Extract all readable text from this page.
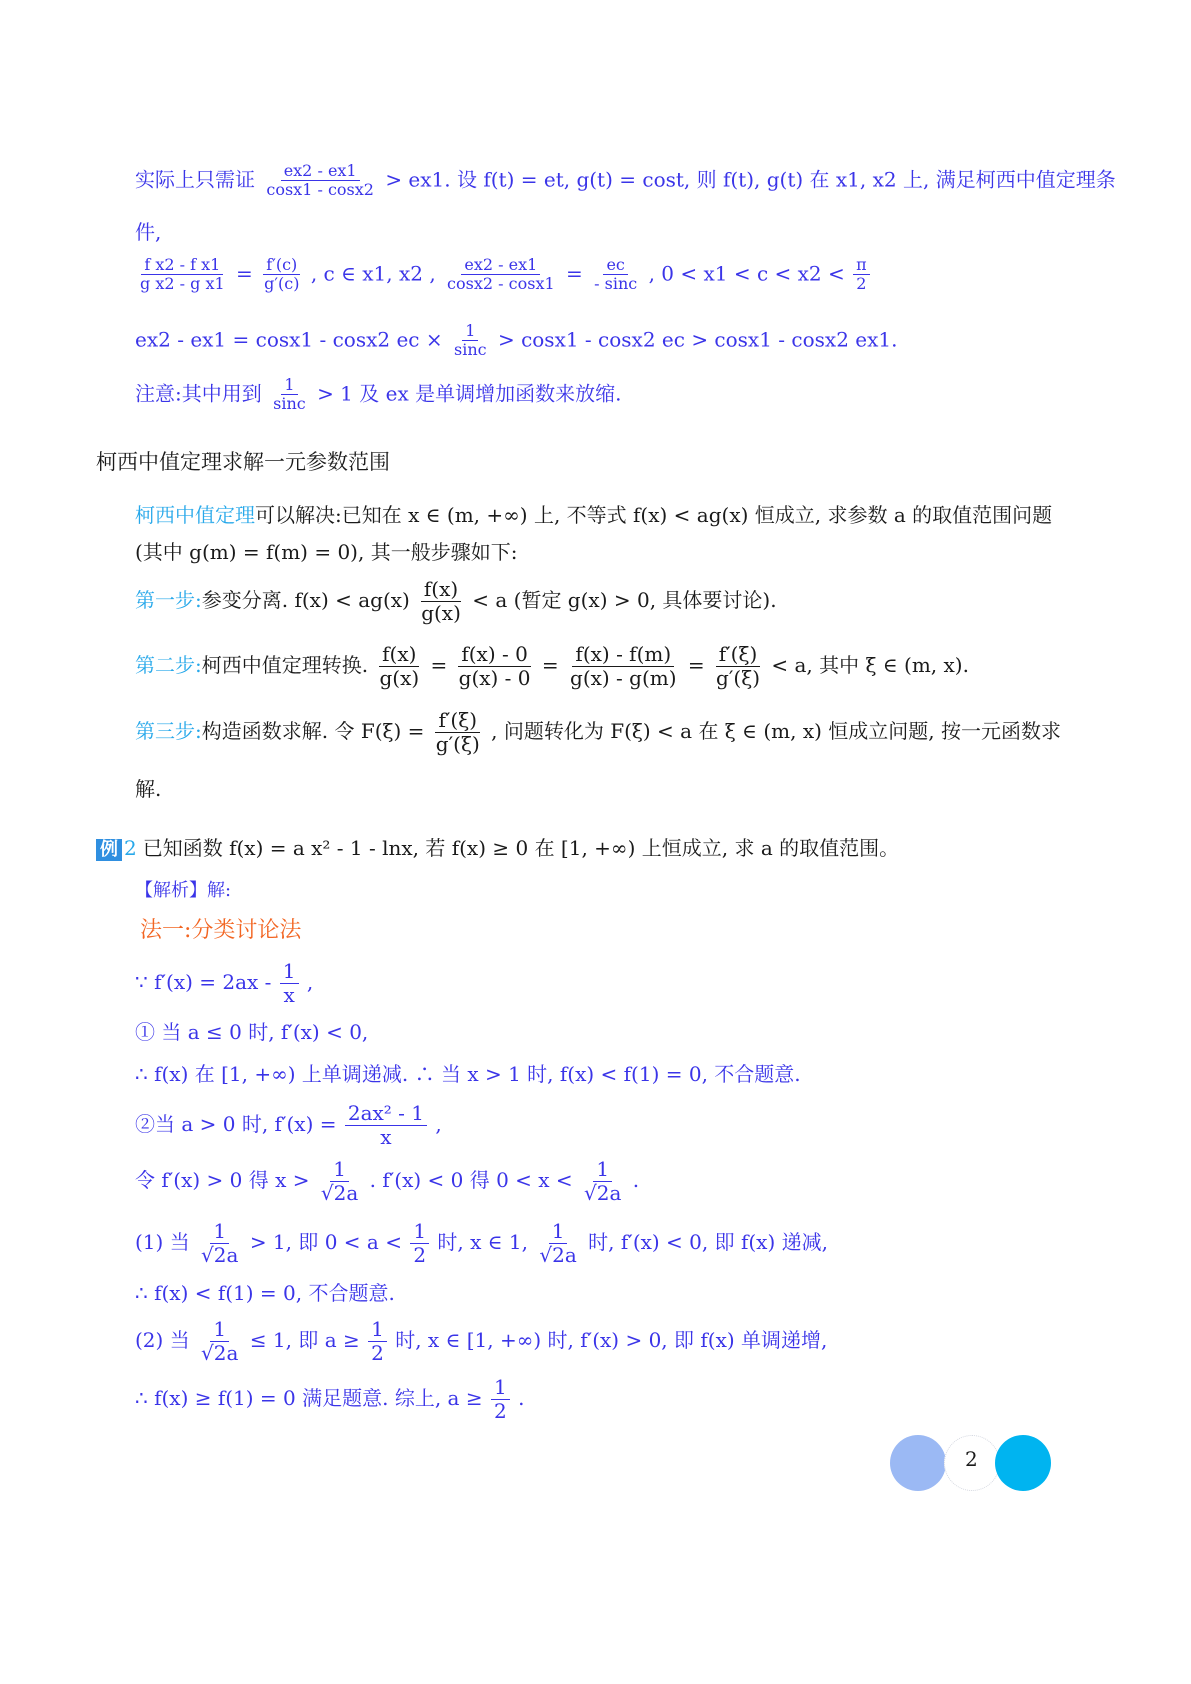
实际上只需证 $\frac{ex2 - ex1}{\cos x1 - \cos x2} > ex1$. 设 f(t) = et, g(t) = cost, 则 f(t), g(t) 在 x1, x2 上, 满足柯西中值定理条
件,
$\frac{\text{f x2 - f x1}}{\text{g x2 - g x1}} = \frac{f'(c)}{g'(c)}$ , c ∈ x1, x2 , $\frac{ex2 - ex1}{\cos x2 - \cos x1} = \frac{ec}{- \sin c}$ , $0 < x1 < c < x2 < \frac{\pi}{2}$
ex2 - ex1 = cosx1 - cosx2 ec × $\frac{1}{\sin c} > \cos x1 - \cos x2$ ec > cosx1 - cosx2 ex1.
注意:其中用到 $\frac{1}{\sin c} > 1$ 及 ex 是单调增加函数来放缩.
柯西中值定理求解一元参数范围
柯西中值定理可以解决:已知在 x ∈ (m, +∞) 上, 不等式 f(x) < ag(x) 恒成立, 求参数 a 的取值范围问题
(其中 g(m) = f(m) = 0), 其一般步骤如下:
第一步:参变分离. $f(x) < ag(x) \frac{f(x)}{g(x)} < a$ (暂定 g(x) > 0, 具体要讨论).
第二步:柯西中值定理转换. $\frac{f(x)}{g(x)} = \frac{f(x) - 0}{g(x) - 0} = \frac{f(x) - f(m)}{g(x) - g(m)} = \frac{f'(\xi)}{g'(\xi)} < a$, 其中 ξ ∈ (m, x).
第三步:构造函数求解. 令 $F(\xi) = \frac{f'(\xi)}{g'(\xi)}$ , 问题转化为 F(ξ) < a 在 ξ ∈ (m, x) 恒成立问题, 按一元函数求
解.
例 2 已知函数 f(x) = a x² - 1 - lnx, 若 f(x) ≥ 0 在 [1, +∞) 上恒成立, 求 a 的取值范围。
【解析】解:
法一:分类讨论法
∵ $f'(x) = 2ax - \frac{1}{x}$ ,
① 当 a ≤ 0 时, f′(x) < 0,
∴ f(x) 在 [1, +∞) 上单调递减. ∴ 当 x > 1 时, f(x) < f(1) = 0, 不合题意.
②当 a > 0 时, $f'(x) = \frac{\text{2ax² - 1}}{x}$ ,
令 f′(x) > 0 得 $x > \frac{1}{√2a}$ . f′(x) < 0 得 $0 < x < \frac{1}{√2a}$ .
(1) 当 $\frac{1}{√2a} > 1$, 即 $0 < a < \frac{1}{2}$ 时, x ∈ 1, $\frac{1}{√2a}$ 时, f′(x) < 0, 即 f(x) 递减,
∴ f(x) < f(1) = 0, 不合题意.
(2) 当 $\frac{1}{√2a} \le 1$, 即 $a \ge \frac{1}{2}$ 时, x ∈ [1, +∞) 时, f′(x) > 0, 即 f(x) 单调递增,
∴ f(x) ≥ f(1) = 0 满足题意. 综上, $a \ge \frac{1}{2}$ .
2
